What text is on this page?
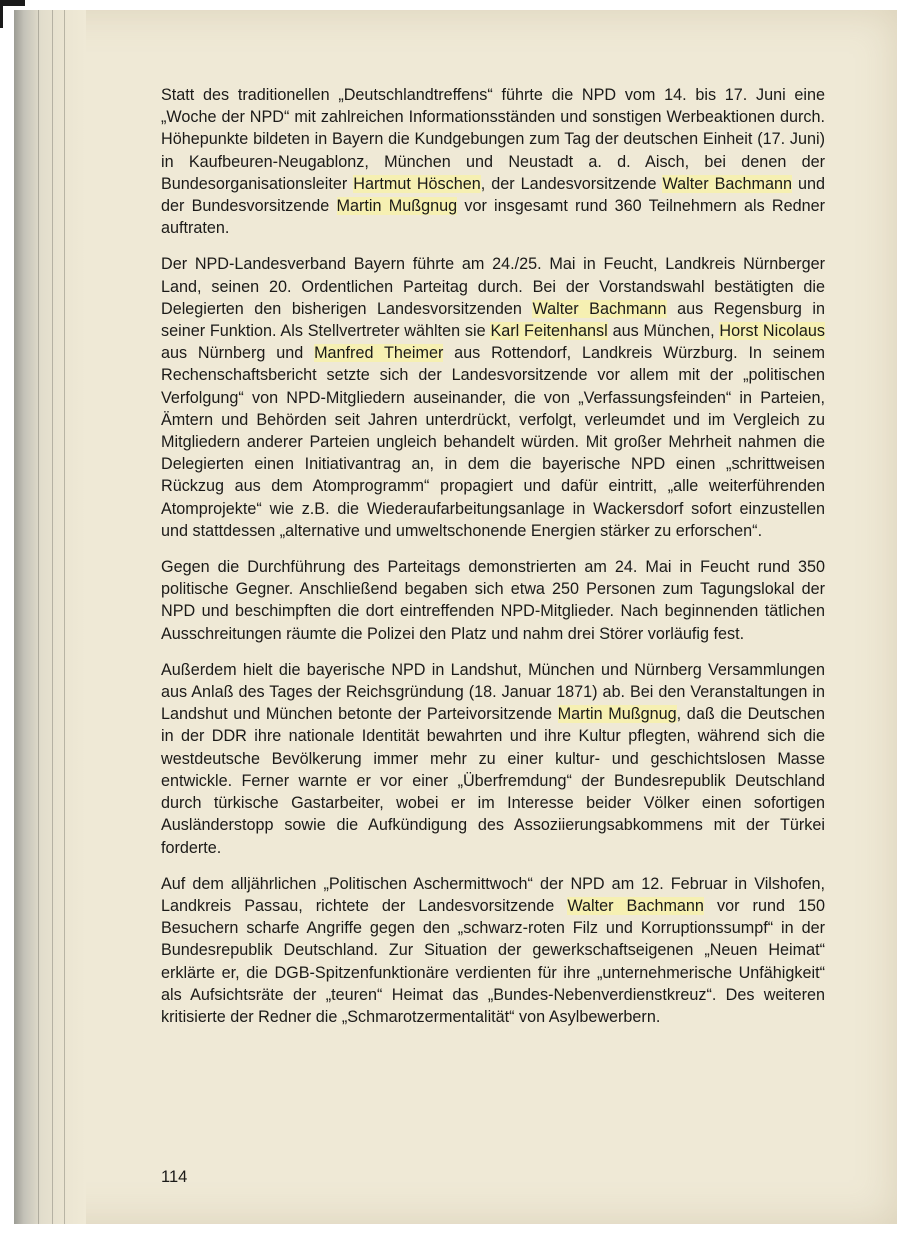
Statt des traditionellen „Deutschlandtreffens“ führte die NPD vom 14. bis 17. Juni eine „Woche der NPD“ mit zahlreichen Informationsständen und sonstigen Werbeaktionen durch. Höhepunkte bildeten in Bayern die Kundgebungen zum Tag der deutschen Einheit (17. Juni) in Kaufbeuren-Neugablonz, München und Neustadt a. d. Aisch, bei denen der Bundesorganisationsleiter Hartmut Höschen, der Landesvorsitzende Walter Bachmann und der Bundesvorsitzende Martin Mußgnug vor insgesamt rund 360 Teilnehmern als Redner auftraten.

Der NPD-Landesverband Bayern führte am 24./25. Mai in Feucht, Landkreis Nürnberger Land, seinen 20. Ordentlichen Parteitag durch. Bei der Vorstandswahl bestätigten die Delegierten den bisherigen Landesvorsitzenden Walter Bachmann aus Regensburg in seiner Funktion. Als Stellvertreter wählten sie Karl Feitenhansl aus München, Horst Nicolaus aus Nürnberg und Manfred Theimer aus Rottendorf, Landkreis Würzburg. In seinem Rechenschaftsbericht setzte sich der Landesvorsitzende vor allem mit der „politischen Verfolgung“ von NPD-Mitgliedern auseinander, die von „Verfassungsfeinden“ in Parteien, Ämtern und Behörden seit Jahren unterdrückt, verfolgt, verleumdet und im Vergleich zu Mitgliedern anderer Parteien ungleich behandelt würden. Mit großer Mehrheit nahmen die Delegierten einen Initiativantrag an, in dem die bayerische NPD einen „schrittweisen Rückzug aus dem Atomprogramm“ propagiert und dafür eintritt, „alle weiterführenden Atomprojekte“ wie z.B. die Wiederaufarbeitungsanlage in Wackersdorf sofort einzustellen und stattdessen „alternative und umweltschonende Energien stärker zu erforschen“.

Gegen die Durchführung des Parteitags demonstrierten am 24. Mai in Feucht rund 350 politische Gegner. Anschließend begaben sich etwa 250 Personen zum Tagungslokal der NPD und beschimpften die dort eintreffenden NPD-Mitglieder. Nach beginnenden tätlichen Ausschreitungen räumte die Polizei den Platz und nahm drei Störer vorläufig fest.

Außerdem hielt die bayerische NPD in Landshut, München und Nürnberg Versammlungen aus Anlaß des Tages der Reichsgründung (18. Januar 1871) ab. Bei den Veranstaltungen in Landshut und München betonte der Parteivorsitzende Martin Mußgnug, daß die Deutschen in der DDR ihre nationale Identität bewahrten und ihre Kultur pflegten, während sich die westdeutsche Bevölkerung immer mehr zu einer kultur- und geschichtslosen Masse entwickle. Ferner warnte er vor einer „Überfremdung“ der Bundesrepublik Deutschland durch türkische Gastarbeiter, wobei er im Interesse beider Völker einen sofortigen Ausländerstopp sowie die Aufkündigung des Assoziierungsabkommens mit der Türkei forderte.

Auf dem alljährlichen „Politischen Aschermittwoch“ der NPD am 12. Februar in Vilshofen, Landkreis Passau, richtete der Landesvorsitzende Walter Bachmann vor rund 150 Besuchern scharfe Angriffe gegen den „schwarz-roten Filz und Korruptionssumpf“ in der Bundesrepublik Deutschland. Zur Situation der gewerkschaftseigenen „Neuen Heimat“ erklärte er, die DGB-Spitzenfunktionäre verdienten für ihre „unternehmerische Unfähigkeit“ als Aufsichtsräte der „teuren“ Heimat das „Bundes-Nebenverdienstkreuz“. Des weiteren kritisierte der Redner die „Schmarotzermentalität“ von Asylbewerbern.

114
